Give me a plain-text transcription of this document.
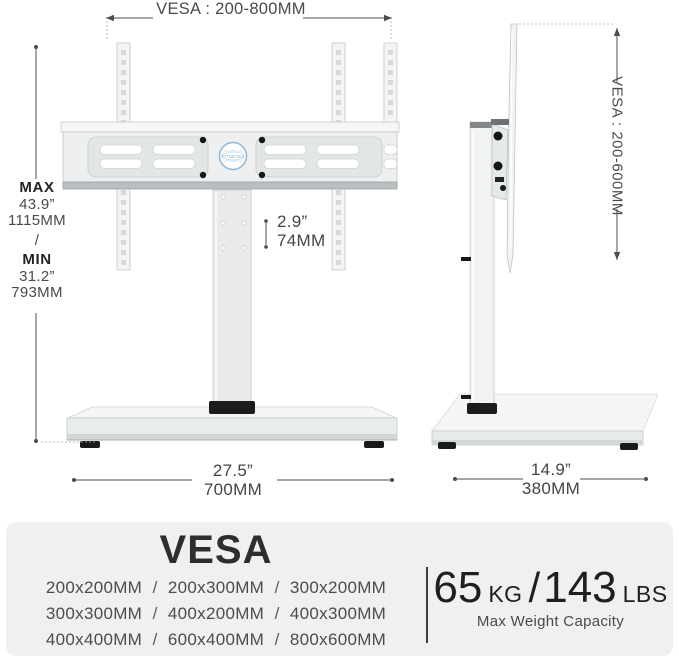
FITUEYES
VESA : 200-800MM
MAX
43.9”
1115MM
/
MIN
31.2”
793MM
2.9”
74MM
VESA : 200-600MM
27.5”
700MM
14.9”
380MM
VESA
200x200MM / 200x300MM / 300x200MM
300x300MM / 400x200MM / 400x300MM
400x400MM / 600x400MM / 800x600MM
65 KG / 143 LBS
Max Weight Capacity
